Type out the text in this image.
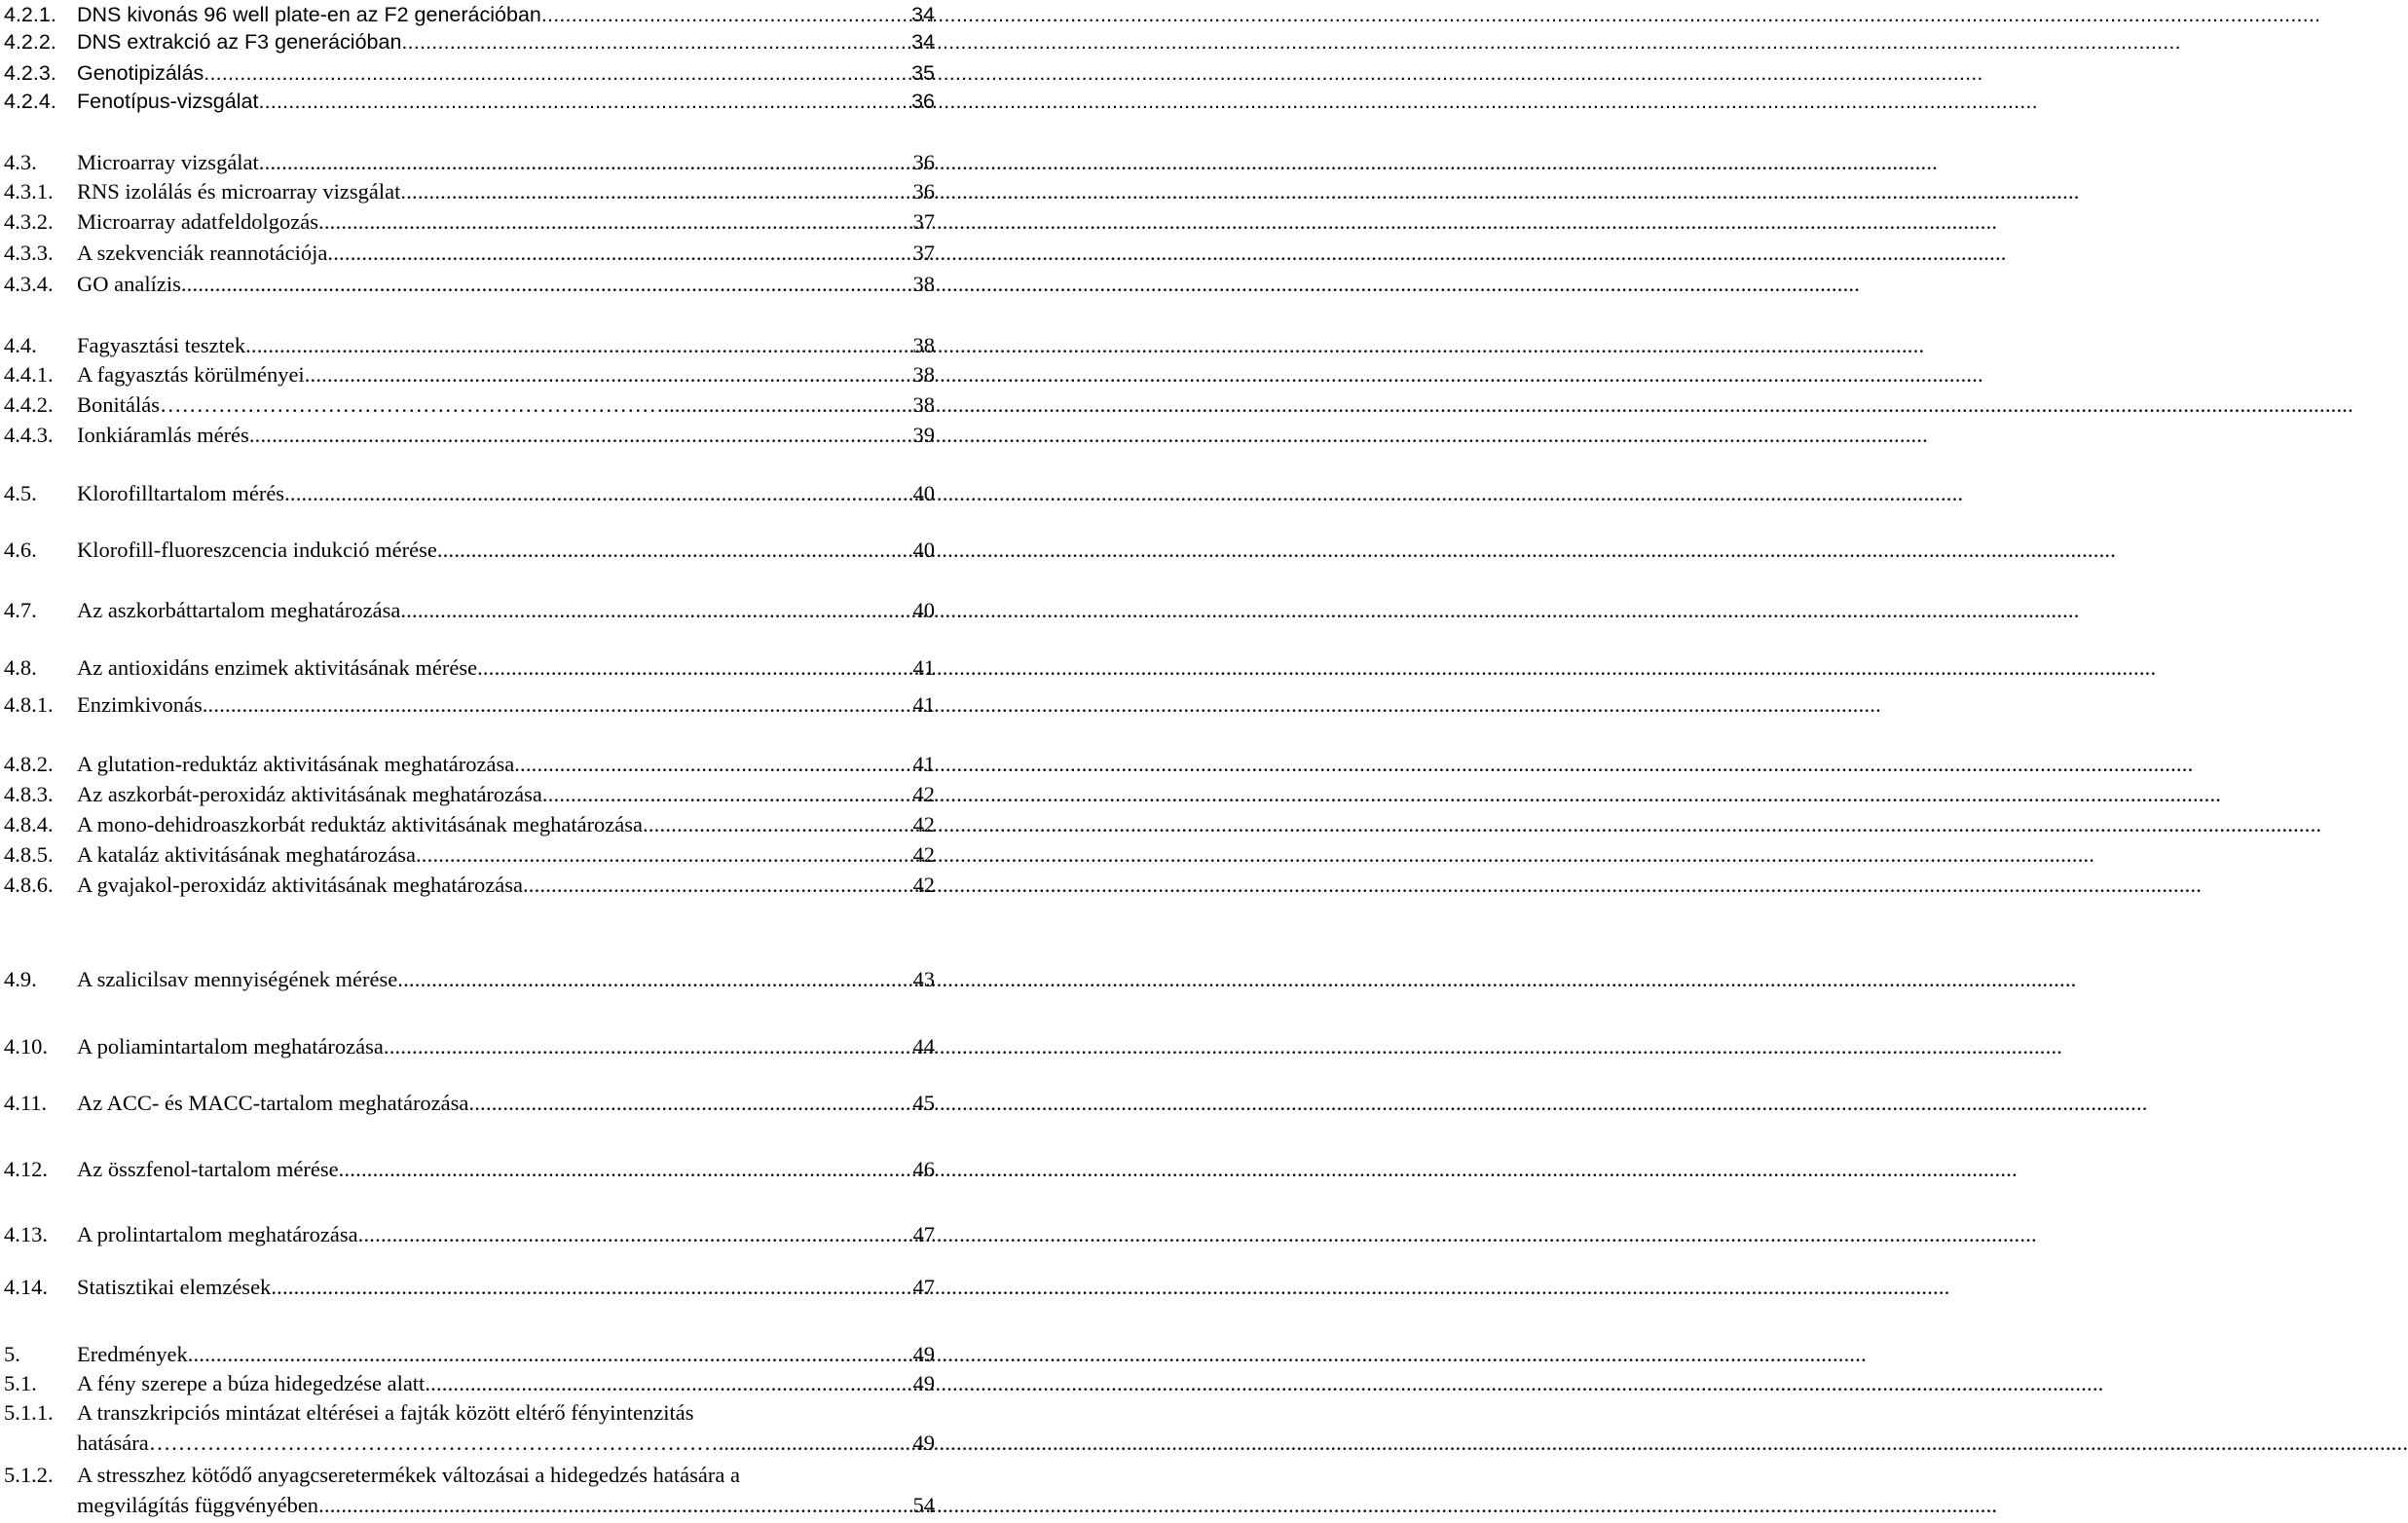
4.2.1. DNS kivonás 96 well plate-en az F2 generációban .....	34
4.2.2. DNS extrakció az F3 generációban .....	34
4.2.3. Genotipizálás .....	35
4.2.4. Fenotípus-vizsgálat .....	36
4.3. Microarray vizsgálat .....	36
4.3.1. RNS izolálás és microarray vizsgálat .....	36
4.3.2. Microarray adatfeldolgozás .....	37
4.3.3. A szekvenciák reannotációja .....	37
4.3.4. GO analízis .....	38
4.4. Fagyasztási tesztek .....	38
4.4.1. A fagyasztás körülményei .....	38
4.4.2. Bonitálás…………………………………………………………….. .....	38
4.4.3. Ionkiáramlás mérés .....	39
4.5. Klorofilltartalom mérés .....	40
4.6. Klorofill-fluoreszcencia indukció mérése .....	40
4.7. Az aszkorbáttartalom meghatározása .....	40
4.8. Az antioxidáns enzimek aktivitásának mérése .....	41
4.8.1. Enzimkivonás .....	41
4.8.2. A glutation-reduktáz aktivitásának meghatározása .....	41
4.8.3. Az aszkorbát-peroxidáz aktivitásának meghatározása .....	42
4.8.4. A mono-dehidroaszkorbát reduktáz aktivitásának meghatározása .....	42
4.8.5. A kataláz aktivitásának meghatározása .....	42
4.8.6. A gvajakol-peroxidáz aktivitásának meghatározása .....	42
4.9. A szalicilsav mennyiségének mérése .....	43
4.10. A poliamintartalom meghatározása .....	44
4.11. Az ACC- és MACC-tartalom meghatározása .....	45
4.12. Az összfenol-tartalom mérése .....	46
4.13. A prolintartalom meghatározása .....	47
4.14. Statisztikai elemzések .....	47
5.	Eredmények .....	49
5.1. A fény szerepe a búza hidegedzése alatt .....	49
5.1.1. A transzkripciós mintázat eltérései a fajták között eltérő fényintenzitás
hatására…………………………………………………………………….. .....	49
5.1.2. A stresszhez kötődő anyagcseretermékek változásai a hidegedzés hatására a
megvilágítás függvényében .....	54
